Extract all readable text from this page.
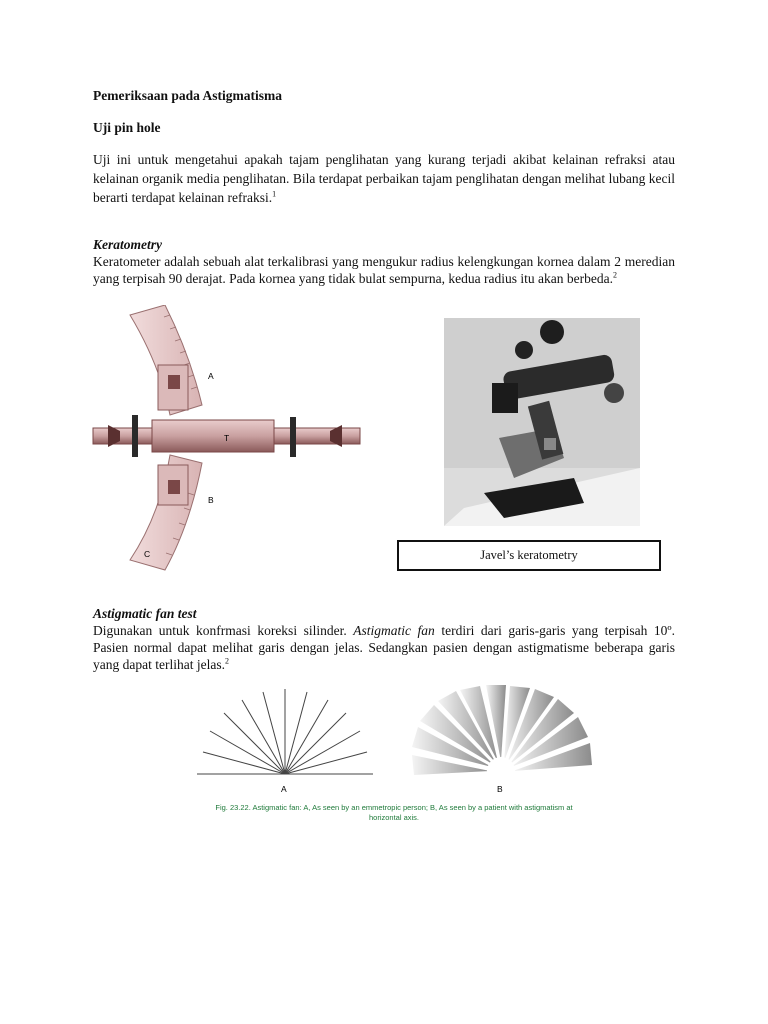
Pemeriksaan pada Astigmatisma
Uji pin hole
Uji ini untuk mengetahui apakah tajam penglihatan yang kurang terjadi akibat kelainan refraksi atau kelainan organik media penglihatan. Bila terdapat perbaikan tajam penglihatan dengan melihat lubang kecil berarti terdapat kelainan refraksi.$^1$
Keratometry
Keratometer adalah sebuah alat terkalibrasi yang mengukur radius kelengkungan kornea dalam 2 meredian yang terpisah 90 derajat. Pada kornea yang tidak bulat sempurna, kedua radius itu akan berbeda.$^2$
A
T
B
C	Javel’s keratometry
Astigmatic fan test
Digunakan untuk konfrmasi koreksi silinder. Astigmatic fan terdiri dari garis-garis yang terpisah 10º. Pasien normal dapat melihat garis dengan jelas. Sedangkan pasien dengan astigmatisme beberapa garis yang dapat terlihat jelas.$^2$
A	B
Fig. 23.22. Astigmatic fan: A, As seen by an emmetropic person; B, As seen by a patient with astigmatism at
horizontal axis.
